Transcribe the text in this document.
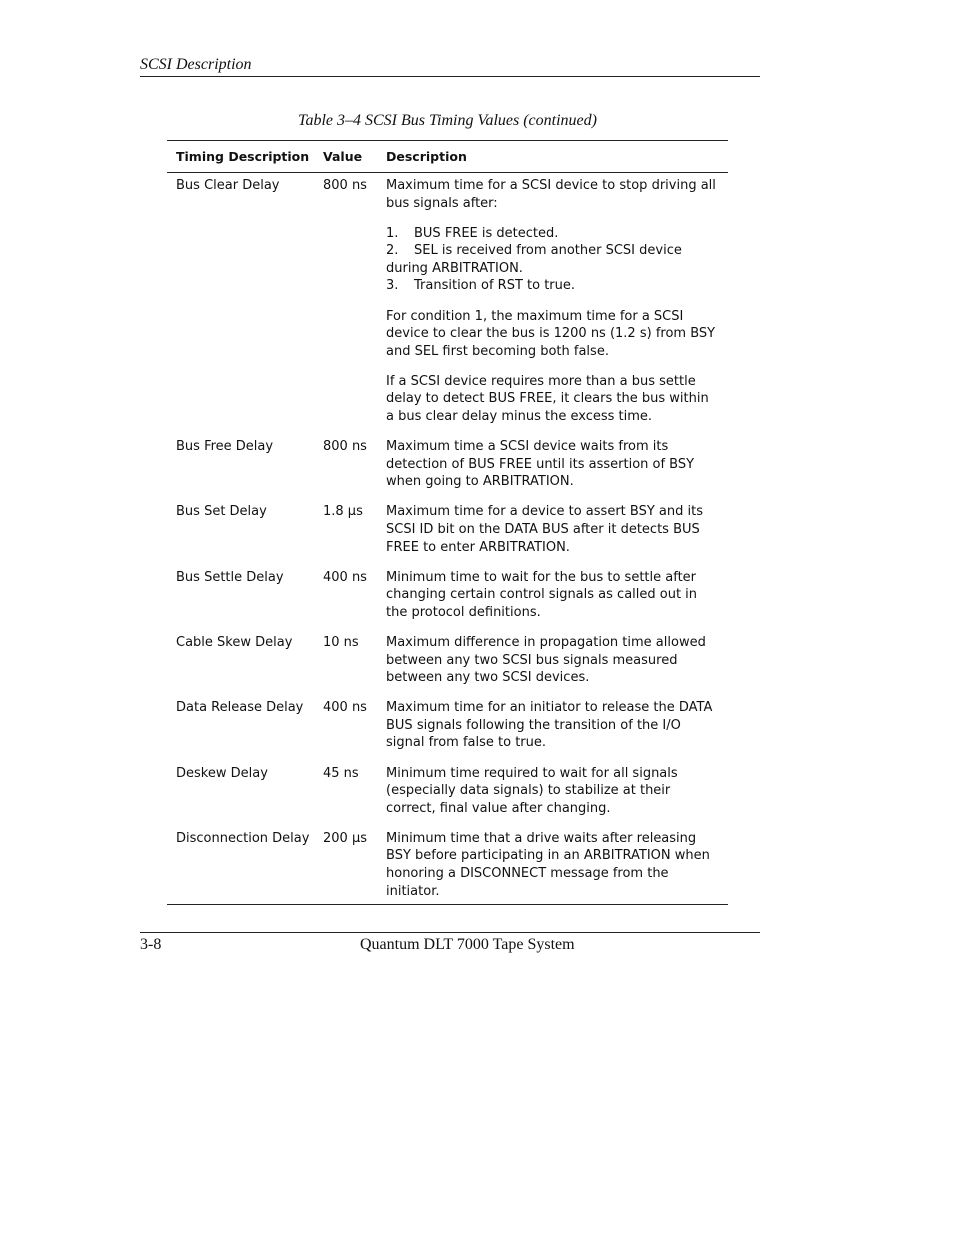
SCSI Description
Table 3–4 SCSI Bus Timing Values (continued)
Timing Description	Value	Description
Bus Clear Delay	800 ns	Maximum time for a SCSI device to stop driving all bus signals after:

1. BUS FREE is detected.
2. SEL is received from another SCSI device during ARBITRATION.
3. Transition of RST to true.

For condition 1, the maximum time for a SCSI device to clear the bus is 1200 ns (1.2 s) from BSY and SEL first becoming both false.

If a SCSI device requires more than a bus settle delay to detect BUS FREE, it clears the bus within a bus clear delay minus the excess time.

Bus Free Delay	800 ns	Maximum time a SCSI device waits from its detection of BUS FREE until its assertion of BSY when going to ARBITRATION.
Bus Set Delay	1.8 µs	Maximum time for a device to assert BSY and its SCSI ID bit on the DATA BUS after it detects BUS FREE to enter ARBITRATION.
Bus Settle Delay	400 ns	Minimum time to wait for the bus to settle after changing certain control signals as called out in the protocol definitions.
Cable Skew Delay	10 ns	Maximum difference in propagation time allowed between any two SCSI bus signals measured between any two SCSI devices.
Data Release Delay	400 ns	Maximum time for an initiator to release the DATA BUS signals following the transition of the I/O signal from false to true.
Deskew Delay	45 ns	Minimum time required to wait for all signals (especially data signals) to stabilize at their correct, final value after changing.
Disconnection Delay	200 µs	Minimum time that a drive waits after releasing BSY before participating in an ARBITRATION when honoring a DISCONNECT message from the initiator.
3-8	Quantum DLT 7000 Tape System
